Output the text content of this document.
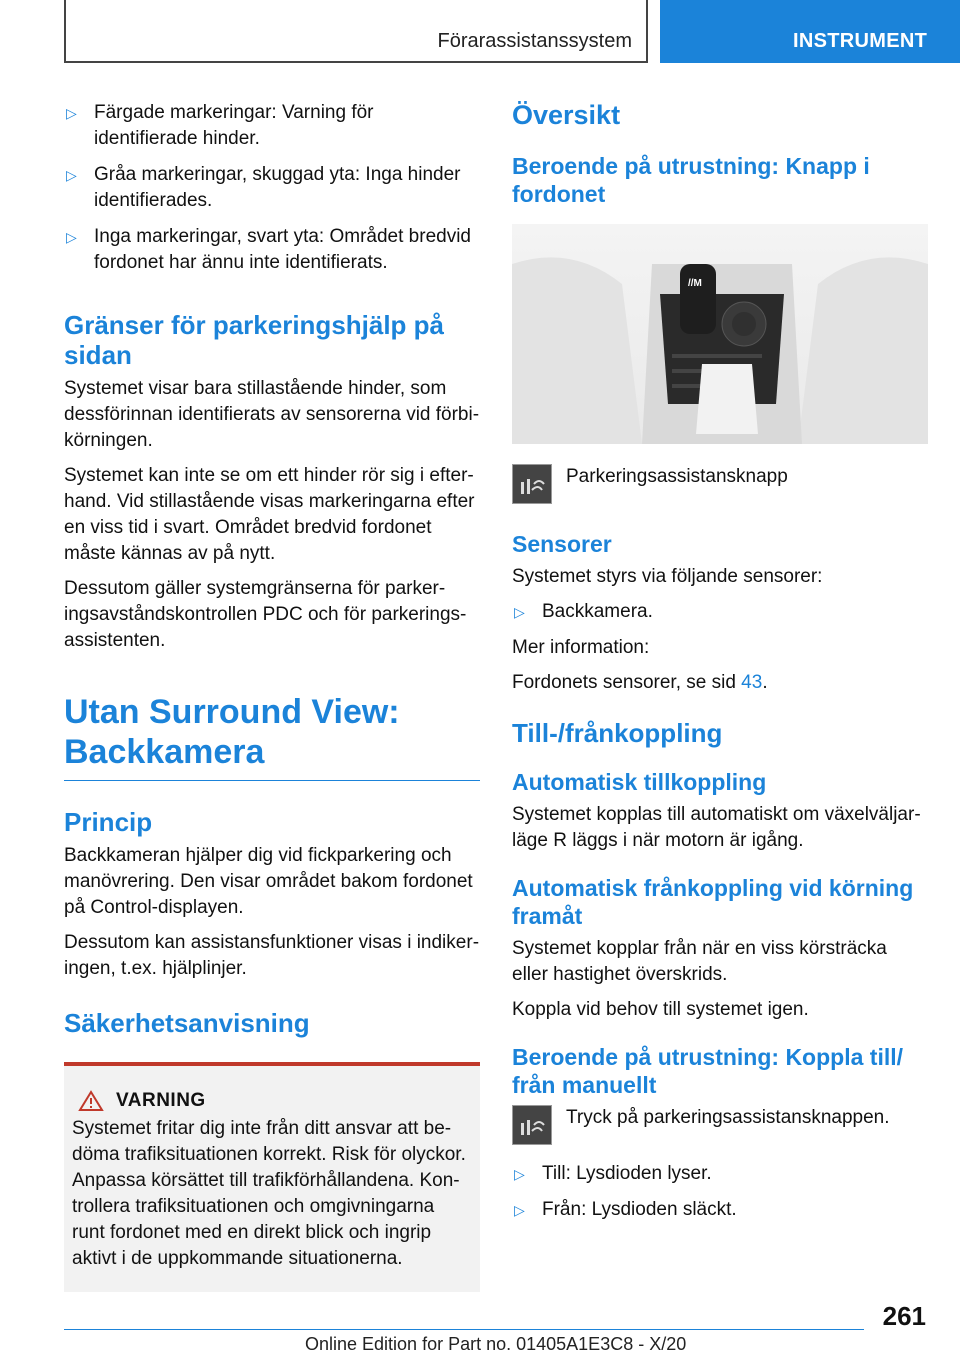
Förarassistanssystem	INSTRUMENT
▷ Färgade markeringar: Varning för identifierade hinder.
▷ Gråa markeringar, skuggad yta: Inga hinder identifierades.
▷ Inga markeringar, svart yta: Området bredvid fordonet har ännu inte identifierats.
Gränser för parkeringshjälp på sidan

Systemet visar bara stillastående hinder, som dessförinnan identifierats av sensorerna vid förbikörningen.

Systemet kan inte se om ett hinder rör sig i efterhand. Vid stillastående visas markeringarna efter en viss tid i svart. Området bredvid fordonet måste kännas av på nytt.

Dessutom gäller systemgränserna för parkeringsavståndskontrollen PDC och för parkeringsassistenten.

Utan Surround View: Backkamera
Princip

Backkameran hjälper dig vid fickparkering och manövrering. Den visar området bakom fordonet på Control-displayen.

Dessutom kan assistansfunktioner visas i indikeringen, t.ex. hjälplinjer.

Säkerhetsanvisning
VARNING

Systemet fritar dig inte från ditt ansvar att bedöma trafiksituationen korrekt. Risk för olyckor. Anpassa körsättet till trafikförhållandena. Kontrollera trafiksituationen och omgivningarna runt fordonet med en direkt blick och ingrip aktivt i de uppkommande situationerna.

Översikt
Beroende på utrustning: Knapp i fordonet
//M

Parkeringsassistansknapp

Sensorer

Systemet styrs via följande sensorer:

▷ Backkamera.

Mer information:

Fordonets sensorer, se sid 43.

Till-/frånkoppling
Automatisk tillkoppling

Systemet kopplas till automatiskt om växelväljarläge R läggs i när motorn är igång.

Automatisk frånkoppling vid körning framåt

Systemet kopplar från när en viss körsträcka eller hastighet överskrids.

Koppla vid behov till systemet igen.

Beroende på utrustning: Koppla till/ från manuellt

Tryck på parkeringsassistansknappen.

▷ Till: Lysdioden lyser.
▷ Från: Lysdioden släckt.
261
Online Edition for Part no. 01405A1E3C8 - X/20
